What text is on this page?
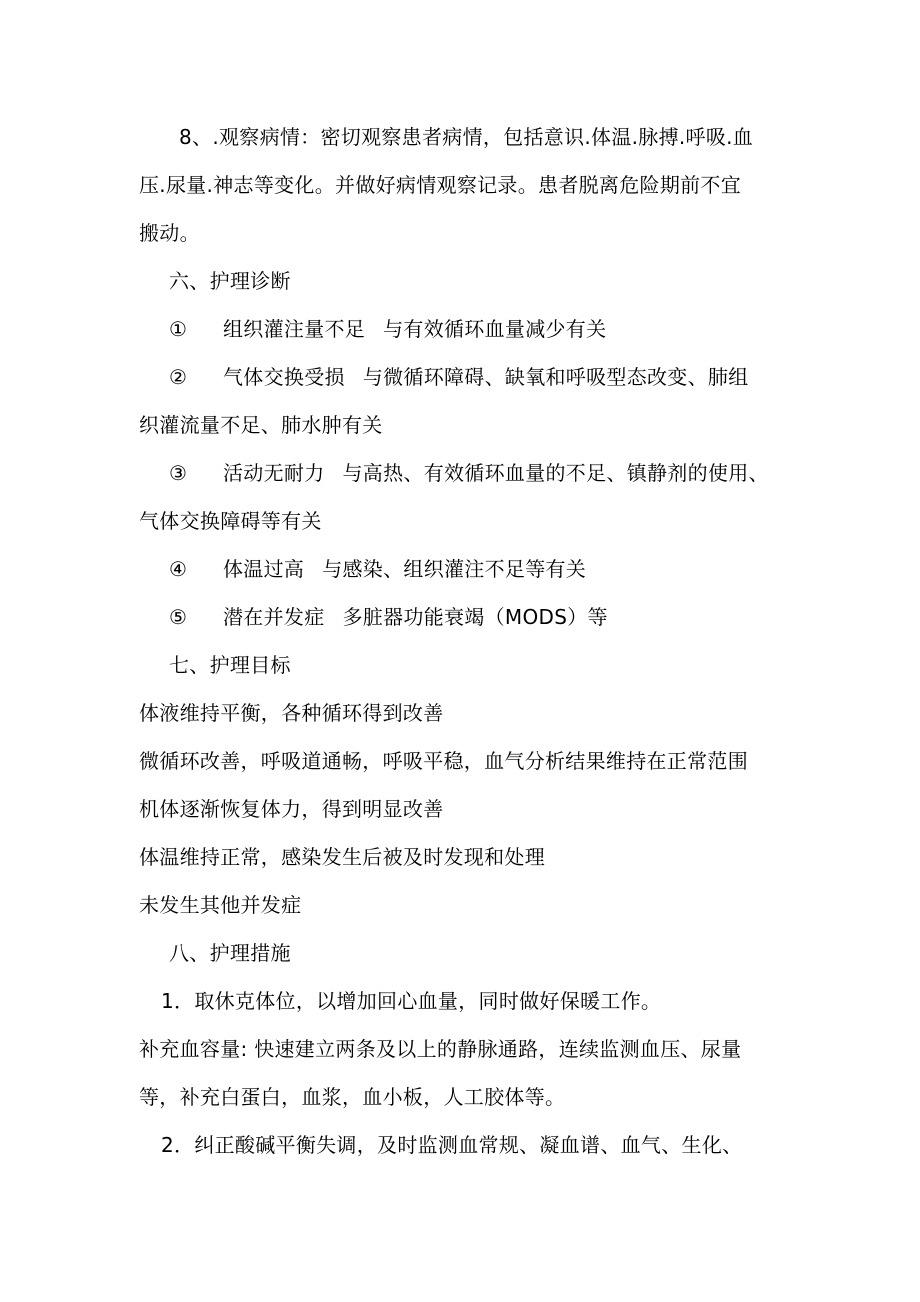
8、.观察病情：密切观察患者病情，包括意识.体温.脉搏.呼吸.血
压.尿量.神志等变化。并做好病情观察记录。患者脱离危险期前不宜
搬动。
六、护理诊断
① 组织灌注量不足 与有效循环血量减少有关
② 气体交换受损 与微循环障碍、缺氧和呼吸型态改变、肺组
织灌流量不足、肺水肿有关
③ 活动无耐力 与高热、有效循环血量的不足、镇静剂的使用、
气体交换障碍等有关
④ 体温过高 与感染、组织灌注不足等有关
⑤ 潜在并发症 多脏器功能衰竭（MODS）等
七、护理目标
体液维持平衡，各种循环得到改善
微循环改善，呼吸道通畅，呼吸平稳，血气分析结果维持在正常范围
机体逐渐恢复体力，得到明显改善
体温维持正常，感染发生后被及时发现和处理
未发生其他并发症
八、护理措施
1．取休克体位，以增加回心血量，同时做好保暖工作。
补充血容量: 快速建立两条及以上的静脉通路，连续监测血压、尿量
等，补充白蛋白，血浆，血小板，人工胶体等。
2．纠正酸碱平衡失调，及时监测血常规、凝血谱、血气、生化、
